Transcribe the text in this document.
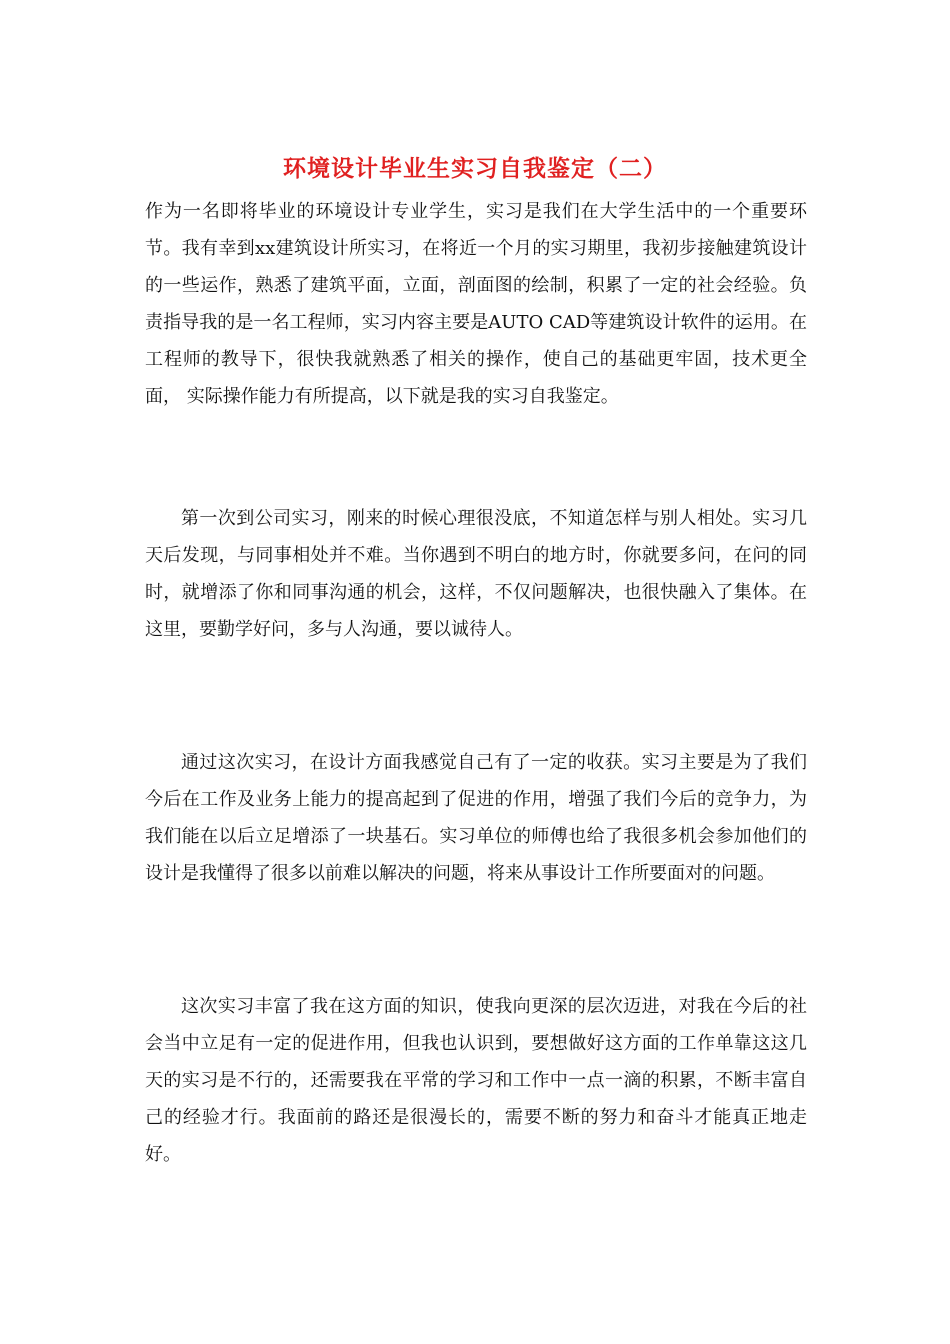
环境设计毕业生实习自我鉴定（二）

作为一名即将毕业的环境设计专业学生，实习是我们在大学生活中的一个重要环节。我有幸到xx建筑设计所实习，在将近一个月的实习期里，我初步接触建筑设计的一些运作，熟悉了建筑平面，立面，剖面图的绘制，积累了一定的社会经验。负责指导我的是一名工程师，实习内容主要是AUTO CAD等建筑设计软件的运用。在工程师的教导下，很快我就熟悉了相关的操作，使自己的基础更牢固，技术更全面， 实际操作能力有所提高，以下就是我的实习自我鉴定。

第一次到公司实习，刚来的时候心理很没底，不知道怎样与别人相处。实习几天后发现，与同事相处并不难。当你遇到不明白的地方时，你就要多问，在问的同时，就增添了你和同事沟通的机会，这样，不仅问题解决，也很快融入了集体。在这里，要勤学好问，多与人沟通，要以诚待人。

通过这次实习，在设计方面我感觉自己有了一定的收获。实习主要是为了我们今后在工作及业务上能力的提高起到了促进的作用，增强了我们今后的竞争力，为我们能在以后立足增添了一块基石。实习单位的师傅也给了我很多机会参加他们的设计是我懂得了很多以前难以解决的问题，将来从事设计工作所要面对的问题。

这次实习丰富了我在这方面的知识，使我向更深的层次迈进，对我在今后的社会当中立足有一定的促进作用，但我也认识到，要想做好这方面的工作单靠这这几天的实习是不行的，还需要我在平常的学习和工作中一点一滴的积累，不断丰富自己的经验才行。我面前的路还是很漫长的，需要不断的努力和奋斗才能真正地走好。
